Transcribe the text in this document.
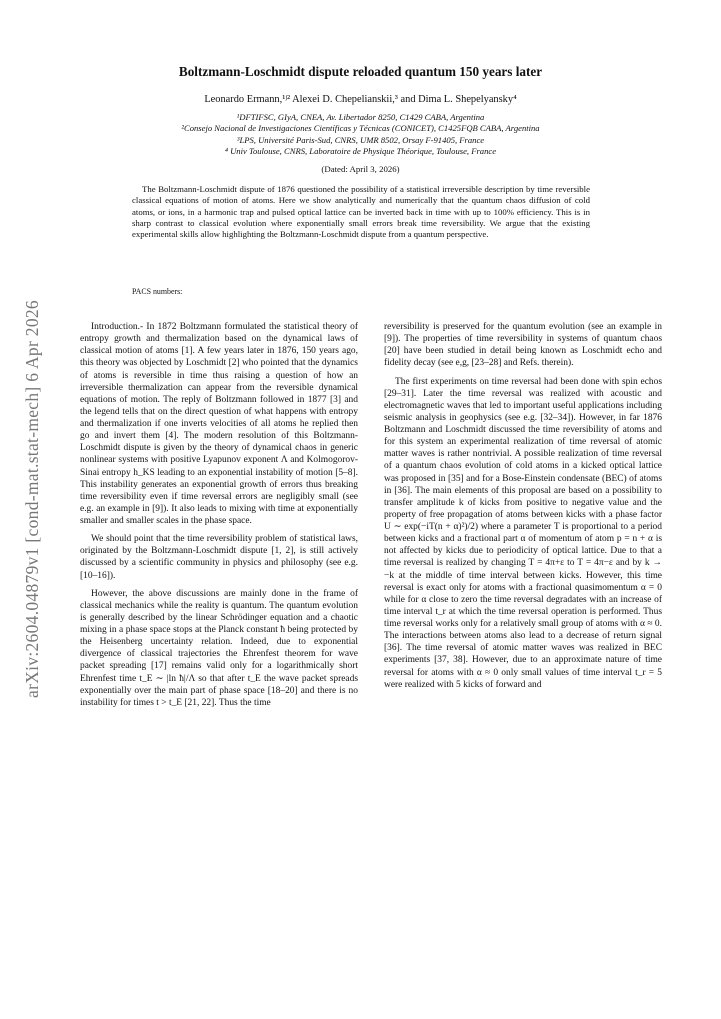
arXiv:2604.04879v1 [cond-mat.stat-mech] 6 Apr 2026
Boltzmann-Loschmidt dispute reloaded quantum 150 years later
Leonardo Ermann,¹ʲ² Alexei D. Chepelianskii,³ and Dima L. Shepelyansky⁴
¹DFTIFSC, GIyA, CNEA, Av. Libertador 8250, C1429 CABA, Argentina
²Consejo Nacional de Investigaciones Científicas y Técnicas (CONICET), C1425FQB CABA, Argentina
³LPS, Université Paris-Sud, CNRS, UMR 8502, Orsay F-91405, France
⁴ Univ Toulouse, CNRS, Laboratoire de Physique Théorique, Toulouse, France
(Dated: April 3, 2026)
The Boltzmann-Loschmidt dispute of 1876 questioned the possibility of a statistical irreversible description by time reversible classical equations of motion of atoms. Here we show analytically and numerically that the quantum chaos diffusion of cold atoms, or ions, in a harmonic trap and pulsed optical lattice can be inverted back in time with up to 100% efficiency. This is in sharp contrast to classical evolution where exponentially small errors break time reversibility. We argue that the existing experimental skills allow highlighting the Boltzmann-Loschmidt dispute from a quantum perspective.
PACS numbers:

Introduction.- In 1872 Boltzmann formulated the statistical theory of entropy growth and thermalization based on the dynamical laws of classical motion of atoms [1]. A few years later in 1876, 150 years ago, this theory was objected by Loschmidt [2] who pointed that the dynamics of atoms is reversible in time thus raising a question of how an irreversible thermalization can appear from the reversible dynamical equations of motion. The reply of Boltzmann followed in 1877 [3] and the legend tells that on the direct question of what happens with entropy and thermalization if one inverts velocities of all atoms he replied then go and invert them [4]. The modern resolution of this Boltzmann-Loschmidt dispute is given by the theory of dynamical chaos in generic nonlinear systems with positive Lyapunov exponent Λ and Kolmogorov-Sinai entropy h_KS leading to an exponential instability of motion [5–8]. This instability generates an exponential growth of errors thus breaking time reversibility even if time reversal errors are negligibly small (see e.g. an example in [9]). It also leads to mixing with time at exponentially smaller and smaller scales in the phase space.

We should point that the time reversibility problem of statistical laws, originated by the Boltzmann-Loschmidt dispute [1, 2], is still actively discussed by a scientific community in physics and philosophy (see e.g. [10–16]).

However, the above discussions are mainly done in the frame of classical mechanics while the reality is quantum. The quantum evolution is generally described by the linear Schrödinger equation and a chaotic mixing in a phase space stops at the Planck constant ħ being protected by the Heisenberg uncertainty relation. Indeed, due to exponential divergence of classical trajectories the Ehrenfest theorem for wave packet spreading [17] remains valid only for a logarithmically short Ehrenfest time t_E ∼ |ln ħ|/Λ so that after t_E the wave packet spreads exponentially over the main part of phase space [18–20] and there is no instability for times t > t_E [21, 22]. Thus the time

reversibility is preserved for the quantum evolution (see an example in [9]). The properties of time reversibility in systems of quantum chaos [20] have been studied in detail being known as Loschmidt echo and fidelity decay (see e,g, [23–28] and Refs. therein).

The first experiments on time reversal had been done with spin echos [29–31]. Later the time reversal was realized with acoustic and electromagnetic waves that led to important useful applications including seismic analysis in geophysics (see e.g. [32–34]). However, in far 1876 Boltzmann and Loschmidt discussed the time reversibility of atoms and for this system an experimental realization of time reversal of atomic matter waves is rather nontrivial. A possible realization of time reversal of a quantum chaos evolution of cold atoms in a kicked optical lattice was proposed in [35] and for a Bose-Einstein condensate (BEC) of atoms in [36]. The main elements of this proposal are based on a possibility to transfer amplitude k of kicks from positive to negative value and the property of free propagation of atoms between kicks with a phase factor U ∼ exp(−iT(n + α)²)/2) where a parameter T is proportional to a period between kicks and a fractional part α of momentum of atom p = n + α is not affected by kicks due to periodicity of optical lattice. Due to that a time reversal is realized by changing T = 4π+ε to T = 4π−ε and by k → −k at the middle of time interval between kicks. However, this time reversal is exact only for atoms with a fractional quasimomentum α = 0 while for α close to zero the time reversal degradates with an increase of time interval t_r at which the time reversal operation is performed. Thus time reversal works only for a relatively small group of atoms with α ≈ 0. The interactions between atoms also lead to a decrease of return signal [36]. The time reversal of atomic matter waves was realized in BEC experiments [37, 38]. However, due to an approximate nature of time reversal for atoms with α ≈ 0 only small values of time interval t_r = 5 were realized with 5 kicks of forward and
